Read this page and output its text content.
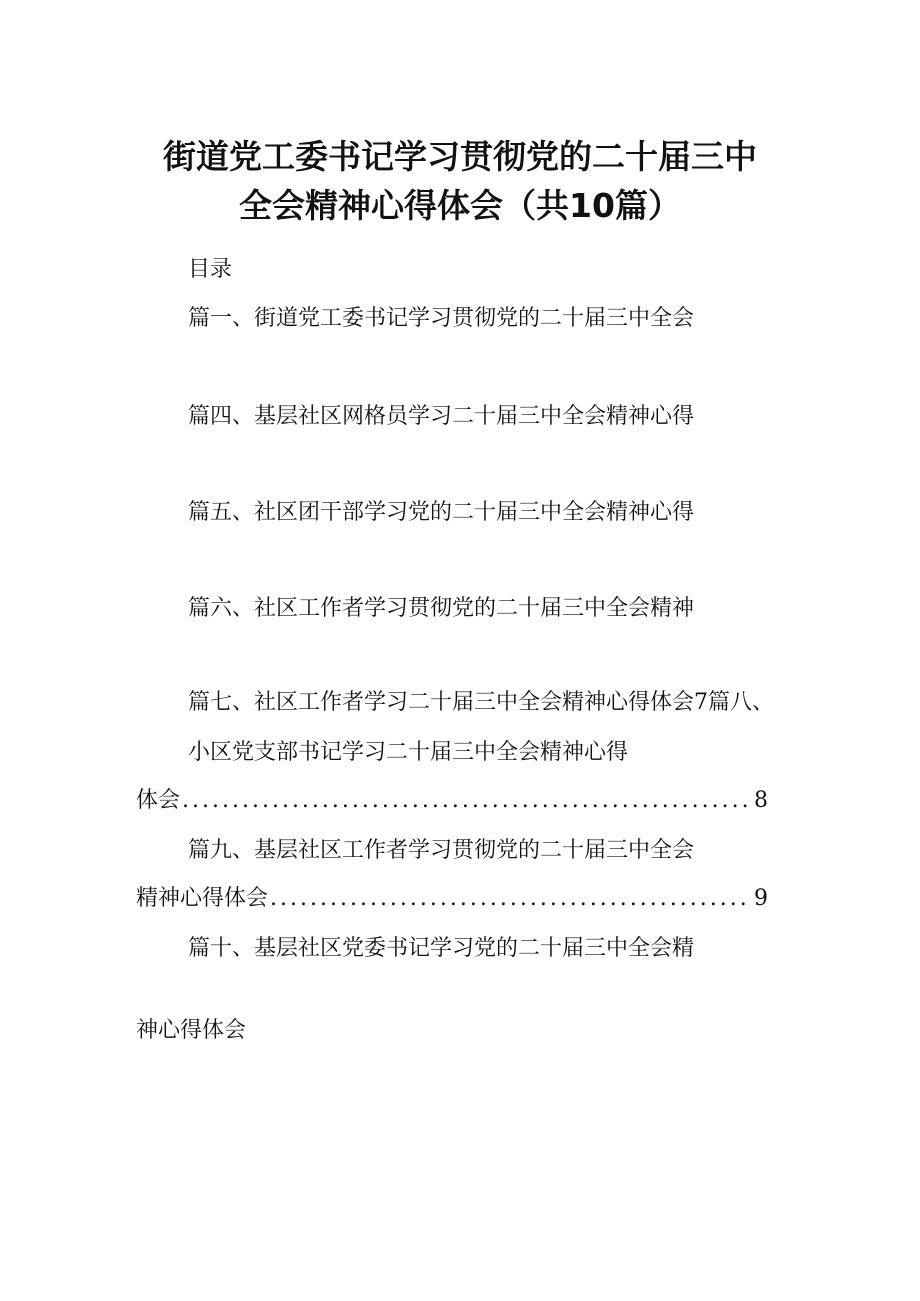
街道党工委书记学习贯彻党的二十届三中
全会精神心得体会（共10篇）

目录

篇一、街道党工委书记学习贯彻党的二十届三中全会

篇四、基层社区网格员学习二十届三中全会精神心得

篇五、社区团干部学习党的二十届三中全会精神心得

篇六、社区工作者学习贯彻党的二十届三中全会精神

篇七、社区工作者学习二十届三中全会精神心得体会7篇八、

小区党支部书记学习二十届三中全会精神心得

体会 .....	8

篇九、基层社区工作者学习贯彻党的二十届三中全会

精神心得体会 .....	9

篇十、基层社区党委书记学习党的二十届三中全会精

神心得体会
